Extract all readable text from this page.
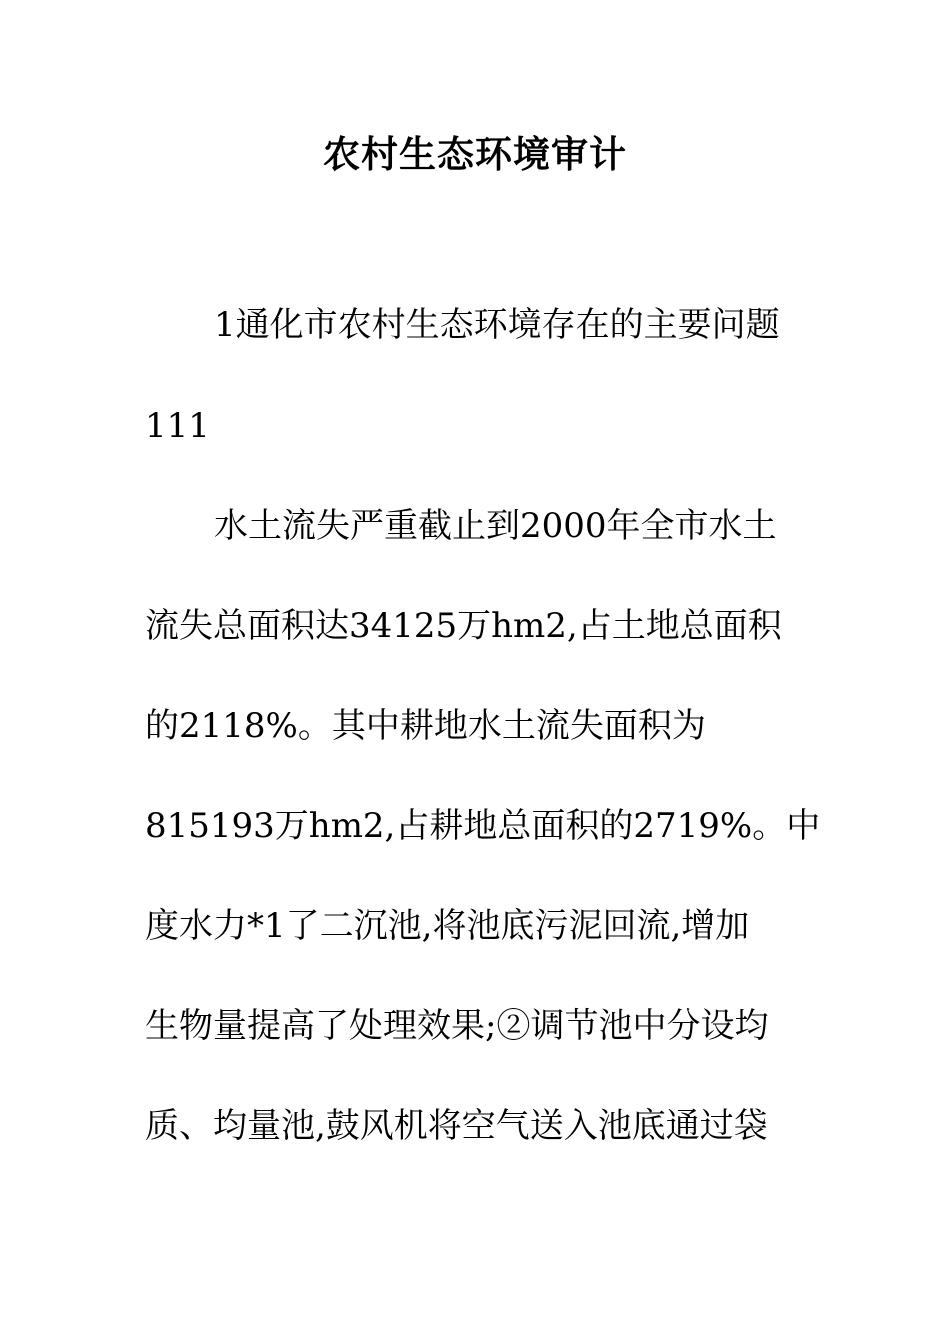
农村生态环境审计
1通化市农村生态环境存在的主要问题
111
水土流失严重截止到2000年全市水土
流失总面积达34125万hm2,占土地总面积
的2118%。其中耕地水土流失面积为
815193万hm2,占耕地总面积的2719%。中
度水力*1了二沉池,将池底污泥回流,增加
生物量提高了处理效果;②调节池中分设均
质、均量池,鼓风机将空气送入池底通过袋
